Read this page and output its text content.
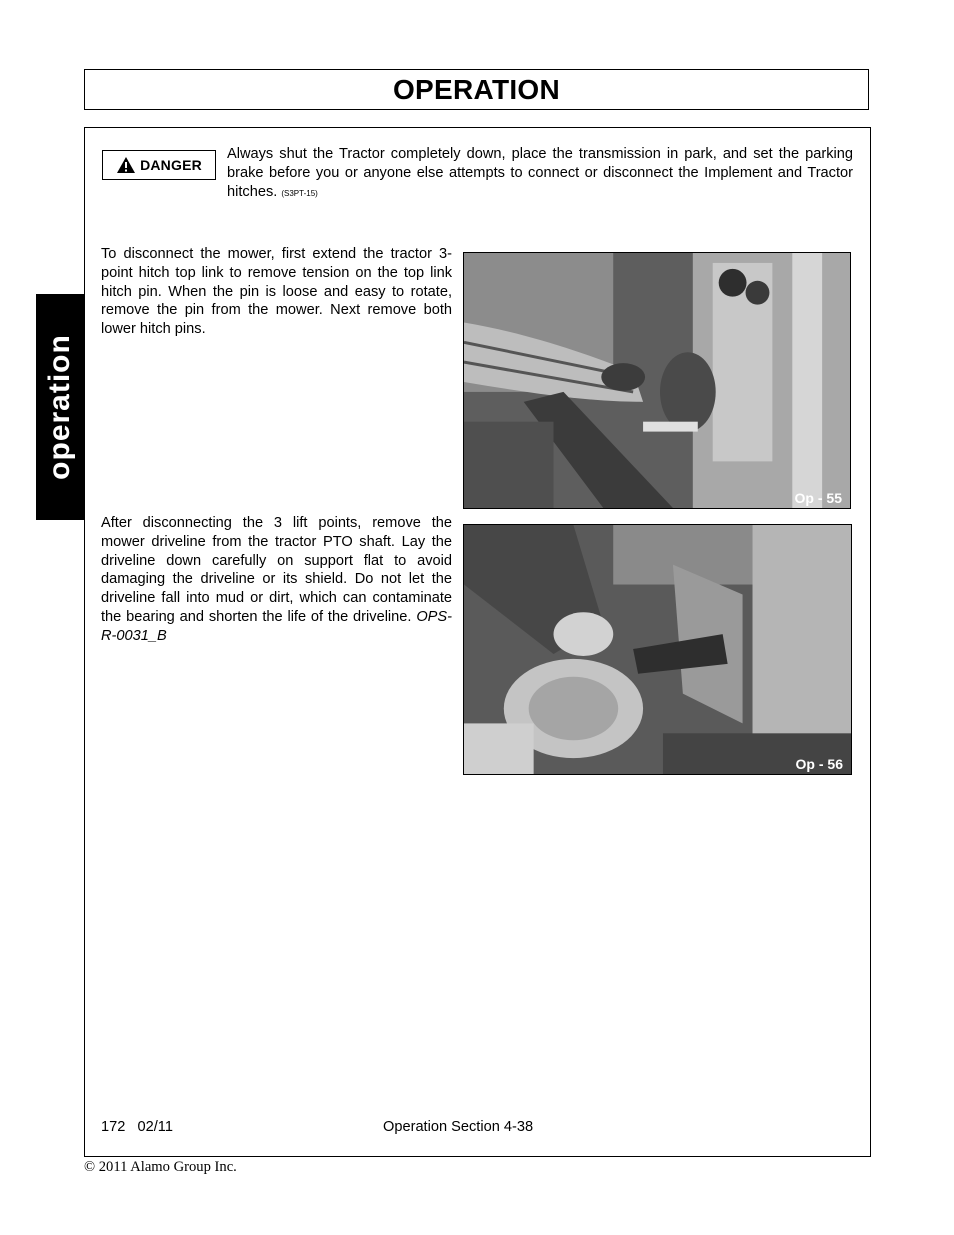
OPERATION
operation
DANGER
Always shut the Tractor completely down, place the transmission in park, and set the parking brake before you or anyone else attempts to connect or disconnect the Implement and Tractor hitches. (S3PT-15)
To disconnect the mower, first extend the tractor 3-point hitch top link to remove tension on the top link hitch pin. When the pin is loose and easy to rotate, remove the pin from the mower. Next remove both lower hitch pins.
After disconnecting the 3 lift points, remove the mower driveline from the tractor PTO shaft. Lay the driveline down carefully on support flat to avoid damaging the driveline or its shield. Do not let the driveline fall into mud or dirt, which can contaminate the bearing and shorten the life of the driveline. OPS-R-0031_B
Op - 55
Op - 56
172   02/11	Operation Section 4-38
© 2011 Alamo Group Inc.
